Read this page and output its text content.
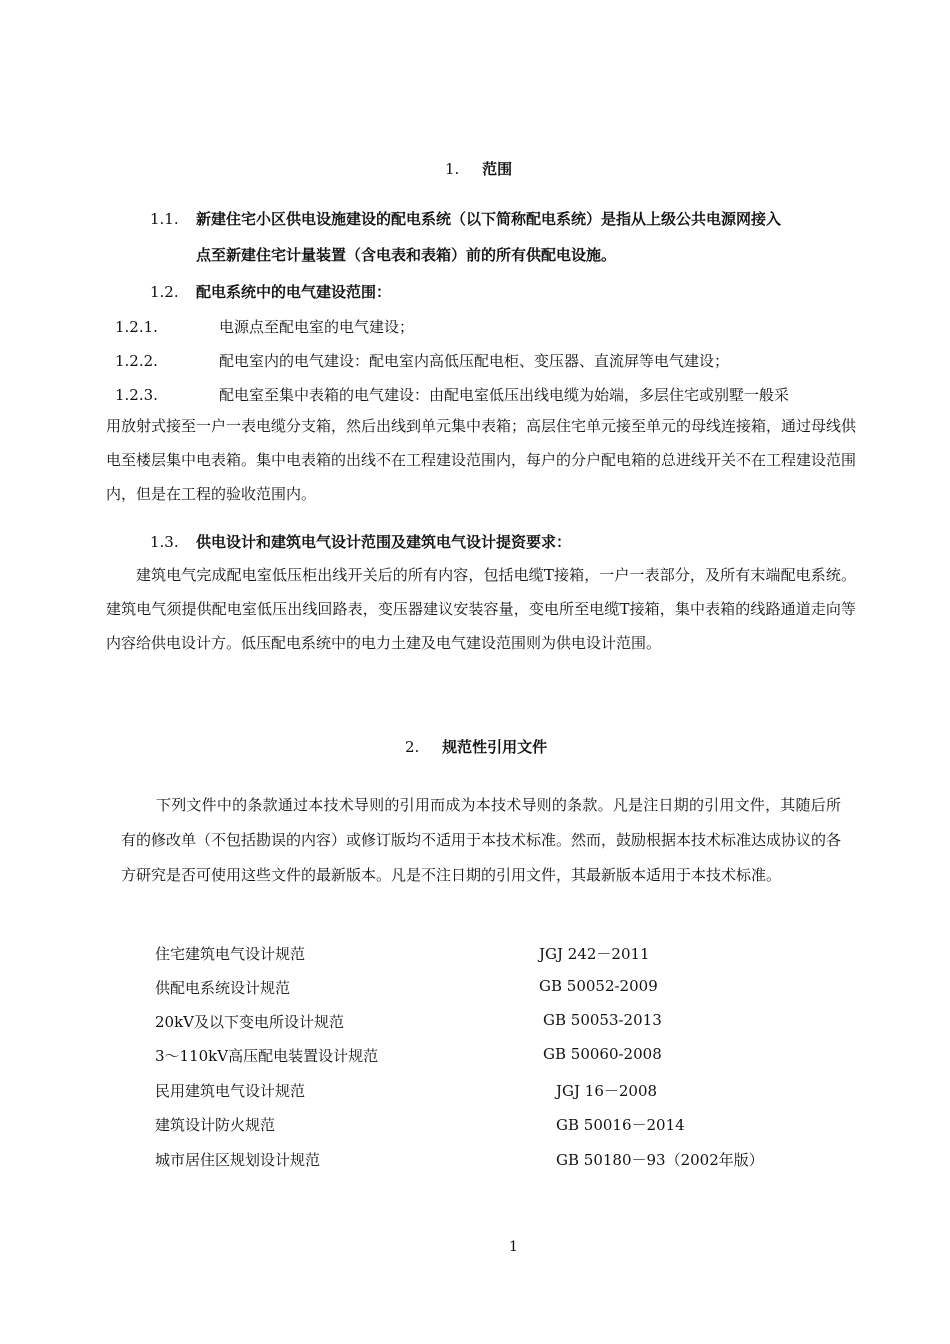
1. 范围
1.1. 新建住宅小区供电设施建设的配电系统（以下简称配电系统）是指从上级公共电源网接入
点至新建住宅计量装置（含电表和表箱）前的所有供配电设施。
1.2. 配电系统中的电气建设范围：
1.2.1.	电源点至配电室的电气建设；
1.2.2.	配电室内的电气建设：配电室内高低压配电柜、变压器、直流屏等电气建设；
1.2.3.	配电室至集中表箱的电气建设：由配电室低压出线电缆为始端，多层住宅或别墅一般采
用放射式接至一户一表电缆分支箱，然后出线到单元集中表箱；高层住宅单元接至单元的母线连接箱，通过母线供电至楼层集中电表箱。集中电表箱的出线不在工程建设范围内，每户的分户配电箱的总进线开关不在工程建设范围内，但是在工程的验收范围内。
1.3. 供电设计和建筑电气设计范围及建筑电气设计提资要求：
建筑电气完成配电室低压柜出线开关后的所有内容，包括电缆T接箱，一户一表部分，及所有末端配电系统。建筑电气须提供配电室低压出线回路表，变压器建议安装容量，变电所至电缆T接箱，集中表箱的线路通道走向等内容给供电设计方。低压配电系统中的电力土建及电气建设范围则为供电设计范围。
2. 规范性引用文件
下列文件中的条款通过本技术导则的引用而成为本技术导则的条款。凡是注日期的引用文件，其随后所有的修改单（不包括勘误的内容）或修订版均不适用于本技术标准。然而，鼓励根据本技术标准达成协议的各方研究是否可使用这些文件的最新版本。凡是不注日期的引用文件，其最新版本适用于本技术标准。
住宅建筑电气设计规范	JGJ 242－2011
供配电系统设计规范	GB 50052-2009
20kV及以下变电所设计规范	GB 50053-2013
3～110kV高压配电装置设计规范	GB 50060-2008
民用建筑电气设计规范	JGJ 16－2008
建筑设计防火规范	GB 50016－2014
城市居住区规划设计规范	GB 50180－93（2002年版）
1
